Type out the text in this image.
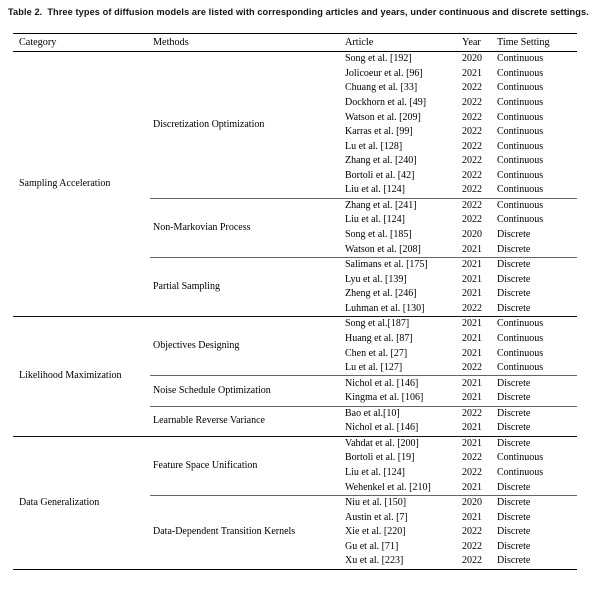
Table 2. Three types of diffusion models are listed with corresponding articles and years, under continuous and discrete settings.
Category	Methods	Article	Year	Time Setting
Sampling Acceleration	Discretization Optimization	Song et al. [192]	2020	Continuous
		Jolicoeur et al. [96]	2021	Continuous
		Chuang et al. [33]	2022	Continuous
		Dockhorn et al. [49]	2022	Continuous
		Watson et al. [209]	2022	Continuous
		Karras et al. [99]	2022	Continuous
		Lu et al. [128]	2022	Continuous
		Zhang et al. [240]	2022	Continuous
		Bortoli et al. [42]	2022	Continuous
		Liu et al. [124]	2022	Continuous
	Non-Markovian Process	Zhang et al. [241]	2022	Continuous
		Liu et al. [124]	2022	Continuous
		Song et al. [185]	2020	Discrete
		Watson et al. [208]	2021	Discrete
	Partial Sampling	Salimans et al. [175]	2021	Discrete
		Lyu et al. [139]	2021	Discrete
		Zheng et al. [246]	2021	Discrete
		Luhman et al. [130]	2022	Discrete
Likelihood Maximization	Objectives Designing	Song et al.[187]	2021	Continuous
		Huang et al. [87]	2021	Continuous
		Chen et al. [27]	2021	Continuous
		Lu et al. [127]	2022	Continuous
	Noise Schedule Optimization	Nichol et al. [146]	2021	Discrete
		Kingma et al. [106]	2021	Discrete
	Learnable Reverse Variance	Bao et al.[10]	2022	Discrete
		Nichol et al. [146]	2021	Discrete
Data Generalization	Feature Space Unification	Vahdat et al. [200]	2021	Discrete
		Bortoli et al. [19]	2022	Continuous
		Liu et al. [124]	2022	Continuous
		Wehenkel et al. [210]	2021	Discrete
	Data-Dependent Transition Kernels	Niu et al. [150]	2020	Discrete
		Austin et al. [7]	2021	Discrete
		Xie et al. [220]	2022	Discrete
		Gu et al. [71]	2022	Discrete
		Xu et al. [223]	2022	Discrete
